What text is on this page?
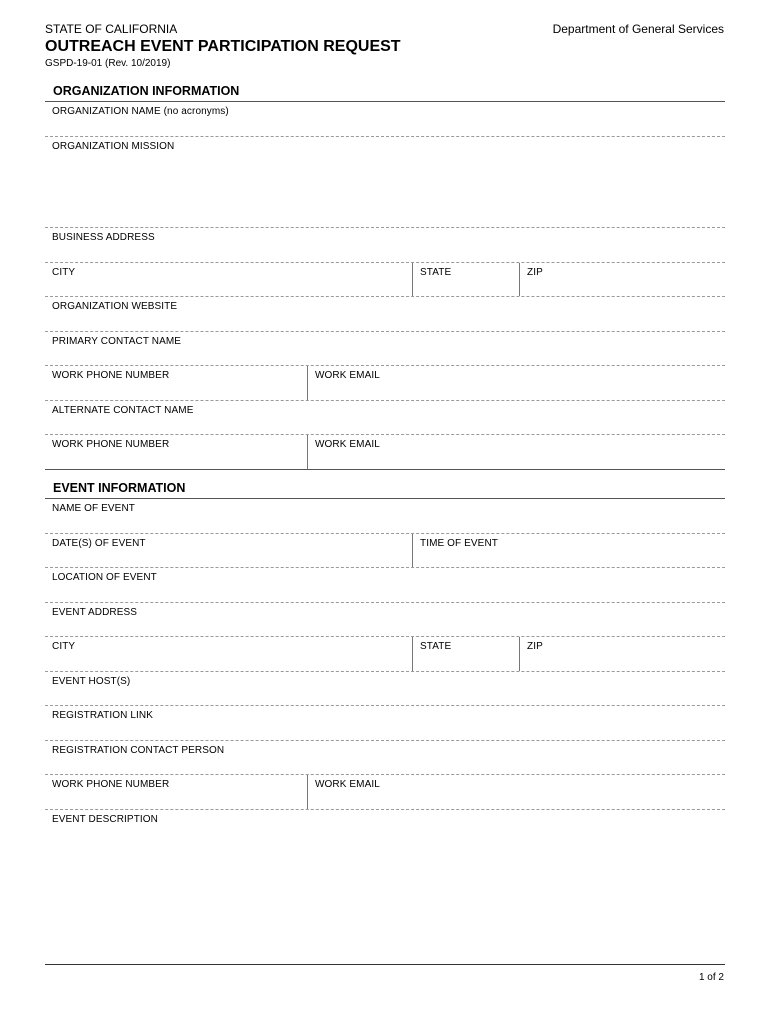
STATE OF CALIFORNIA	Department of General Services
OUTREACH EVENT PARTICIPATION REQUEST
GSPD-19-01 (Rev. 10/2019)
ORGANIZATION INFORMATION
ORGANIZATION NAME (no acronyms)
ORGANIZATION MISSION
BUSINESS ADDRESS
CITY	STATE	ZIP
ORGANIZATION WEBSITE
PRIMARY CONTACT NAME
WORK PHONE NUMBER	WORK EMAIL
ALTERNATE CONTACT NAME
WORK PHONE NUMBER	WORK EMAIL
EVENT INFORMATION
NAME OF EVENT
DATE(S) OF EVENT	TIME OF EVENT
LOCATION OF EVENT
EVENT ADDRESS
CITY	STATE	ZIP
EVENT HOST(S)
REGISTRATION LINK
REGISTRATION CONTACT PERSON
WORK PHONE NUMBER	WORK EMAIL
EVENT DESCRIPTION
1 of 2
